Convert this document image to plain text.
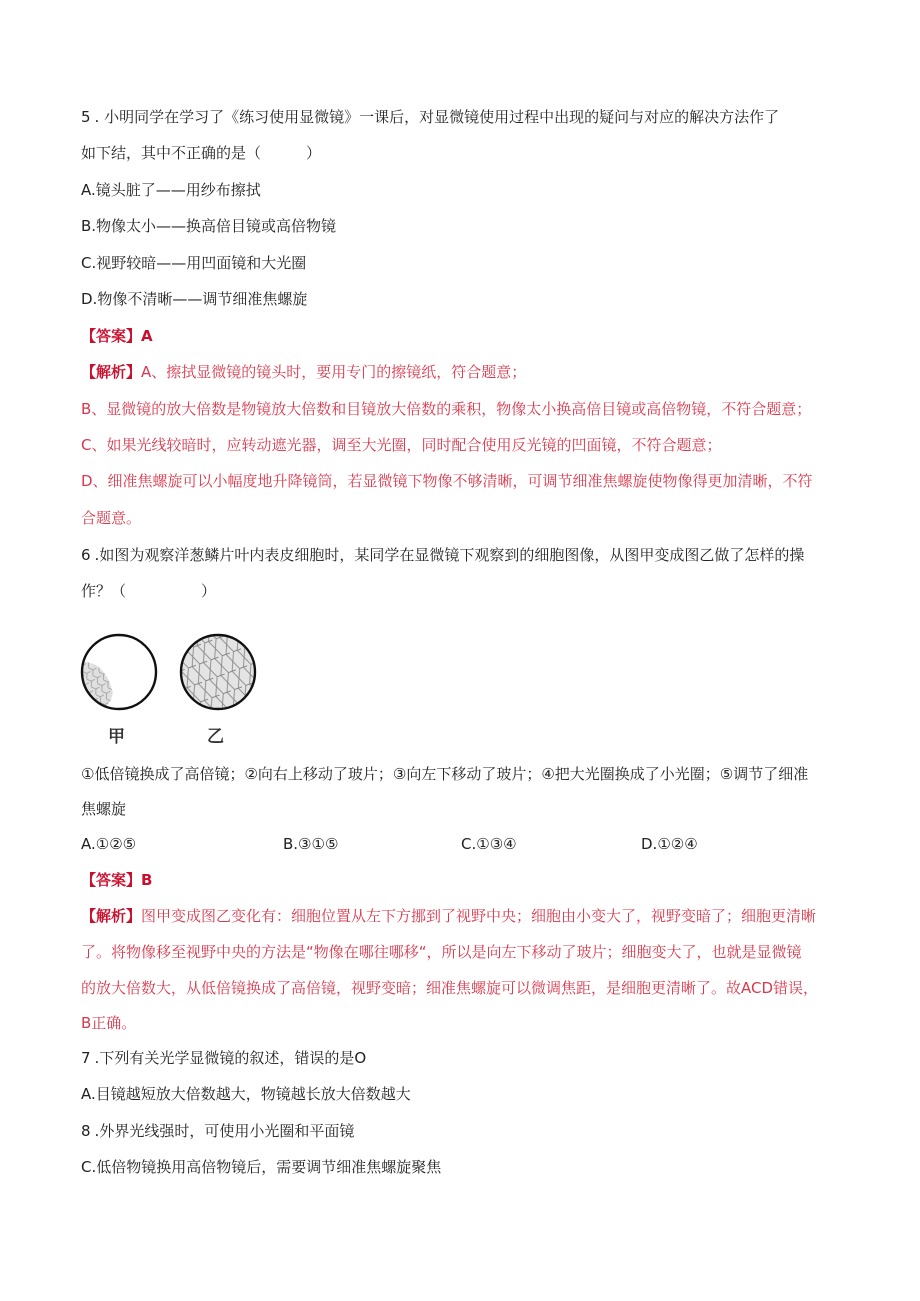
5 . 小明同学在学习了《练习使用显微镜》一课后，对显微镜使用过程中出现的疑问与对应的解决方法作了
如下结，其中不正确的是（　　　）
A.镜头脏了——用纱布擦拭
B.物像太小——换高倍目镜或高倍物镜
C.视野较暗——用凹面镜和大光圈
D.物像不清晰——调节细准焦螺旋
【答案】A
【解析】A、擦拭显微镜的镜头时，要用专门的擦镜纸，符合题意；
B、显微镜的放大倍数是物镜放大倍数和目镜放大倍数的乘积，物像太小换高倍目镜或高倍物镜，不符合题意；
C、如果光线较暗时，应转动遮光器，调至大光圈，同时配合使用反光镜的凹面镜，不符合题意；
D、细准焦螺旋可以小幅度地升降镜筒，若显微镜下物像不够清晰，可调节细准焦螺旋使物像得更加清晰，不符
合题意。
6 .如图为观察洋葱鳞片叶内表皮细胞时，某同学在显微镜下观察到的细胞图像，从图甲变成图乙做了怎样的操
作？（　　　　　）
甲	乙
①低倍镜换成了高倍镜；②向右上移动了玻片；③向左下移动了玻片；④把大光圈换成了小光圈；⑤调节了细准
焦螺旋
A.①②⑤	B.③①⑤	C.①③④	D.①②④
【答案】B
【解析】图甲变成图乙变化有：细胞位置从左下方挪到了视野中央；细胞由小变大了，视野变暗了；细胞更清晰
了。将物像移至视野中央的方法是“物像在哪往哪移“，所以是向左下移动了玻片；细胞变大了，也就是显微镜
的放大倍数大，从低倍镜换成了高倍镜，视野变暗；细准焦螺旋可以微调焦距，是细胞更清晰了。故ACD错误，
B正确。
7 .下列有关光学显微镜的叙述，错误的是O
A.目镜越短放大倍数越大，物镜越长放大倍数越大
8 .外界光线强时，可使用小光圈和平面镜
C.低倍物镜换用高倍物镜后，需要调节细准焦螺旋聚焦
